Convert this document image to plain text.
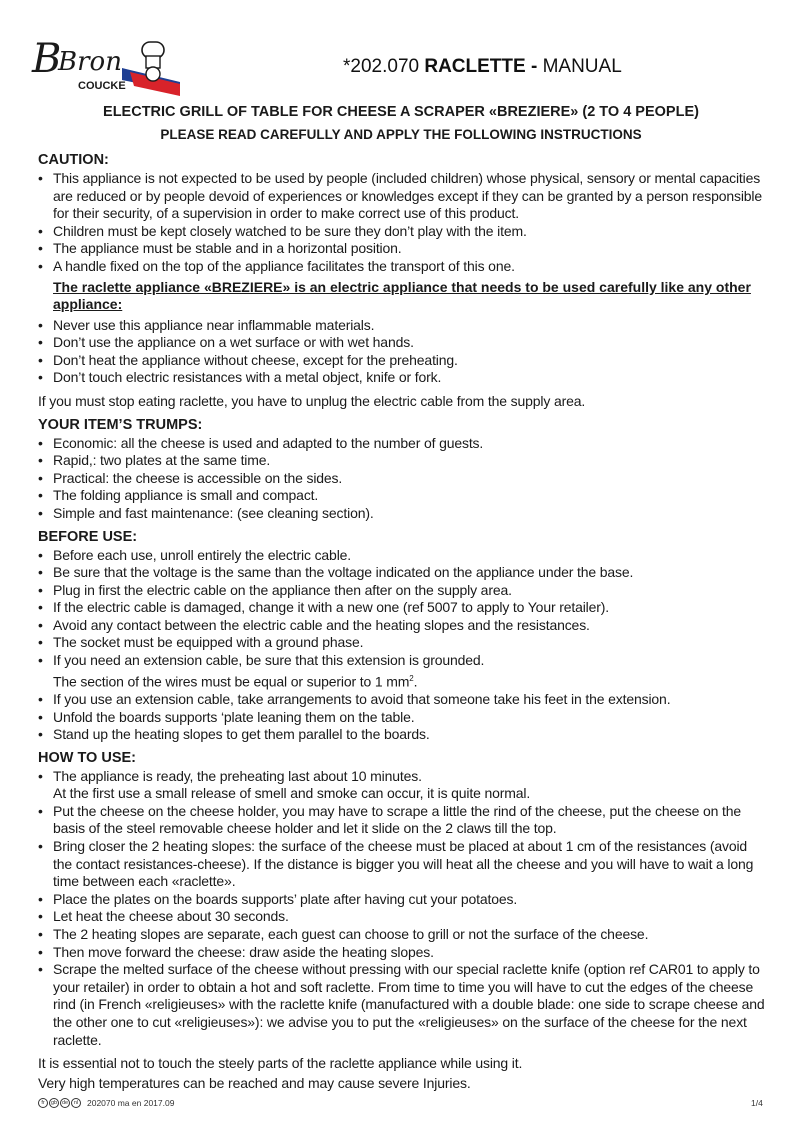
B
Bron
COUCKE
*202.070 RACLETTE - MANUAL
ELECTRIC GRILL OF TABLE FOR CHEESE A SCRAPER «BREZIERE» (2 TO 4 PEOPLE)
PLEASE READ CAREFULLY AND APPLY THE FOLLOWING INSTRUCTIONS
CAUTION:
• This appliance is not expected to be used by people (included children) whose physical, sensory or mental capacities are reduced or by people devoid of experiences or knowledges except if they can be granted by a person responsible for their security, of a supervision in order to make correct use of this product.
• Children must be kept closely watched to be sure they don’t play with the item.
• The appliance must be stable and in a horizontal position.
• A handle fixed on the top of the appliance facilitates the transport of this one.
The raclette appliance «BREZIERE» is an electric appliance that needs to be used carefully like any other appliance:
• Never use this appliance near inflammable materials.
• Don’t use the appliance on a wet surface or with wet hands.
• Don’t heat the appliance without cheese, except for the preheating.
• Don’t touch electric resistances with a metal object, knife or fork.

If you must stop eating raclette, you have to unplug the electric cable from the supply area.

YOUR ITEM’S TRUMPS:
• Economic: all the cheese is used and adapted to the number of guests.
• Rapid,: two plates at the same time.
• Practical: the cheese is accessible on the sides.
• The folding appliance is small and compact.
• Simple and fast maintenance: (see cleaning section).
BEFORE USE:
• Before each use, unroll entirely the electric cable.
• Be sure that the voltage is the same than the voltage indicated on the appliance under the base.
• Plug in first the electric cable on the appliance then after on the supply area.
• If the electric cable is damaged, change it with a new one (ref 5007 to apply to Your retailer).
• Avoid any contact between the electric cable and the heating slopes and the resistances.
• The socket must be equipped with a ground phase.
• If you need an extension cable, be sure that this extension is grounded.
The section of the wires must be equal or superior to 1 $mm^2$.
• If you use an extension cable, take arrangements to avoid that someone take his feet in the extension.
• Unfold the boards supports ‘plate leaning them on the table.
• Stand up the heating slopes to get them parallel to the boards.
HOW TO USE:
• The appliance is ready, the preheating last about 10 minutes.
At the first use a small release of smell and smoke can occur, it is quite normal.
• Put the cheese on the cheese holder, you may have to scrape a little the rind of the cheese, put the cheese on the basis of the steel removable cheese holder and let it slide on the 2 claws till the top.
• Bring closer the 2 heating slopes: the surface of the cheese must be placed at about 1 cm of the resistances (avoid the contact resistances-cheese). If the distance is bigger you will heat all the cheese and you will have to wait a long time between each «raclette».
• Place the plates on the boards supports’ plate after having cut your potatoes.
• Let heat the cheese about 30 seconds.
• The 2 heating slopes are separate, each guest can choose to grill or not the surface of the cheese.
• Then move forward the cheese: draw aside the heating slopes.
• Scrape the melted surface of the cheese without pressing with our special raclette knife (option ref CAR01 to apply to your retailer) in order to obtain a hot and soft raclette. From time to time you will have to cut the edges of the cheese rind (in French «religieuses» with the raclette knife (manufactured with a double blade: one side to scrape cheese and the other one to cut «religieuses»): we advise you to put the «religieuses» on the surface of the cheese for the next raclette.

It is essential not to touch the steely parts of the raclette appliance while using it.

Very high temperatures can be reached and may cause severe Injuries.

fr	gb de	nl	202070 ma en 2017.09	1/4
